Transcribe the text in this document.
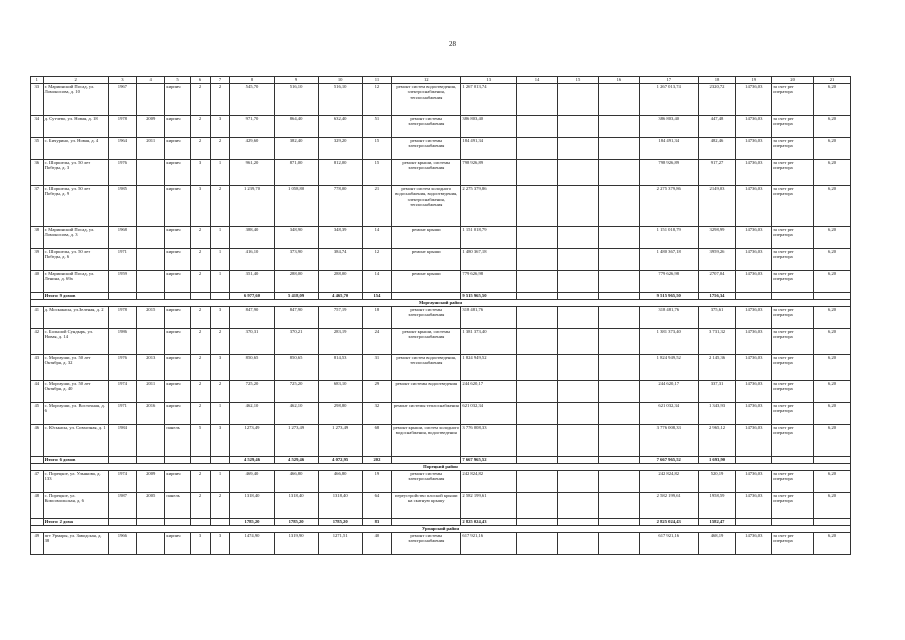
28
1	2	3	4	5	6	7	8	9	10	11	12	13	14	15	16	17	18	19	20	21
33	г. Мариинский Посад, ул. Ломоносова, д. 10	1967		кирпич	2	2	545,70	516,10	516,10	12	ремонт систем водоотведения, электроснабжения, теплоснабжения	1 267 013,74				1 267 013,74	2320,72	14736,03	за счет рег оператора	6,20
34	д. Сутчево, ул. Новая, д. 18	1978	2009	кирпич	2	3	971,70	864,40	632,40	51	ремонт системы электроснабжения	386 803,40				386 803,40	447,48	14736,03	за счет рег оператора	6,20
35	с. Бичурино, ул. Новая, д. 4	1964	2011	кирпич	2	2	429,60	382,40	329,20	15	ремонт системы электроснабжения	184 491,34				184 491,34	482,46	14736,03	за счет рег оператора	6,20
36	с. Шоршелы, ул. 50 лет Победы, д. 3	1976		кирпич	3	1	961,20	871,00	812,00	15	ремонт крыши, системы электроснабжения	798 926,89				798 926,89	917,27	14736,03	за счет рег оператора	6,20
37	с. Шоршелы, ул. 50 лет Победы, д. 9	1985		кирпич	3	2	1 239,70	1 058,80	778,00	21	ремонт систем холодного водоснабжения, водоотведения, электроснабжения, теплоснабжения	2 275 379,86				2 275 379,86	2149,03	14736,03	за счет рег оператора	6,20
38	г. Мариинский Посад, ул. Ломоносова, д. 3	1968		кирпич	2	1	388,40	348,90	348,39	14	ремонт крыши	1 151 018,79				1 151 018,79	3298,99	14736,03	за счет рег оператора	6,20
39	с. Шоршелы, ул. 50 лет Победы, д. 6	1971		кирпич	2	1	416,10	373,90	384,74	12	ремонт крыши	1 480 367,18				1 480 367,18	3959,26	14736,03	за счет рег оператора	6,20
40	г. Мариинский Посад, ул. Ленина, д. 69а	1959		кирпич	2	1	351,40	288,00	288,00	14	ремонт крыши	779 626,98				779 626,98	2707,04	14736,03	за счет рег оператора	6,20
	Итого: 9 домов						6 977,60	5 418,09	4 465,70	154		9 515 965,50				9 515 965,50	1756,34			
Моргаушский район																				
41	д. Москакасы, ул.Зеленая, д. 2	1978	2015	кирпич	2	3	847,90	847,90	757,19	18	ремонт системы электроснабжения	318 481,76				318 481,76	375,61	14736,03	за счет рег оператора	6,20
42	с. Большой Сундырь, ул. Новая, д. 14	1986		кирпич	2	2	370,31	370,21	283,19	24	ремонт крыши, системы электроснабжения	1 381 373,40				1 381 373,40	3 731,32	14736,03	за счет рег оператора	6,20
43	с. Моргауши, ул. 50 лет Октября, д. 32	1976	2013	кирпич	2	3	850,65	850,65	814,53	31	ремонт систем водоотведения, теплоснабжения	1 824 949,52				1 824 949,52	2 145,36	14736,03	за счет рег оператора	6,20
44	с. Моргауши, ул. 50 лет Октября, д. 40	1974	2011	кирпич	2	2	725,20	725,20	683,10	29	ремонт системы водоотведения	244 620,17				244 620,17	337,31	14736,03	за счет рег оператора	6,20
45	с. Моргауши, ул. Восточная, д. 6	1971	2016	кирпич	2	1	462,10	462,10	298,80	32	ремонт системы теплоснабжения	621 032,34				621 032,34	1 343,93	14736,03	за счет рег оператора	6,20
46	с. Юськасы, ул. Совхозная, д. 1	1984		панель	5	3	1273,49	1 273,49	1 273,49	68	ремонт крыши, систем холодного водоснабжения, водоотведения	3 776 008,33				3 776 008,33	2 965,12	14736,03	за счет рег оператора	6,20
	Итого: 6 домов						4 529,46	4 529,46	4 072,95	202		7 667 965,52				7 667 965,52	1 693,90			
Порецкий район																				
47	с. Порецкое, ул. Ульянова, д. 133	1974	2009	кирпич	2	1	469,40	466,80	466,80	19	ремонт системы электроснабжения	242 824,82				242 824,82	520,19	14736,03	за счет рег оператора	6,20
48	с. Порецкое, ул. Комсомольская, д. 6	1987	2005	панель	2	2	1318,40	1318,40	1318,40	64	переустройство плоской крыши на скатную крышу	2 582 199,61				2 582 199,61	1958,59	14736,03	за счет рег оператора	6,20
	Итого: 2 дома						1785,20	1785,20	1785,20	83		2 825 024,43				2 825 024,43	1582,47			
Урмарский район																				
49	пгт Урмары, ул. Заводская, д. 38	1966		кирпич	3	3	1474,90	1319,90	1271,51	40	ремонт системы электроснабжения	617 921,16				617 921,16	468,19	14736,03	за счет рег оператора	6,20
